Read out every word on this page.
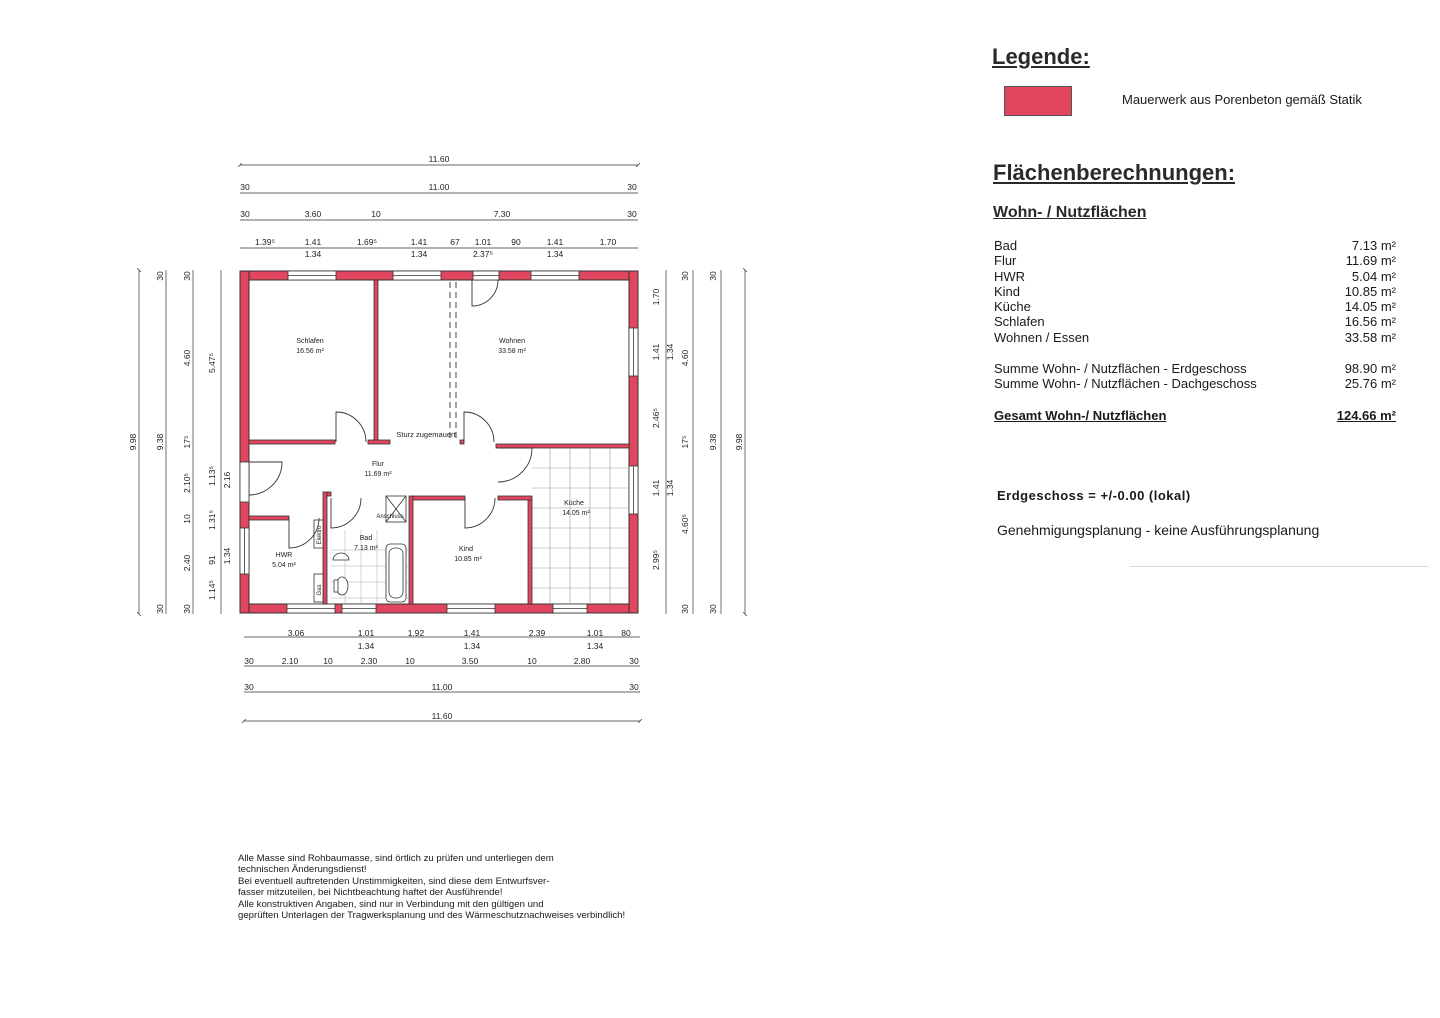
Schlafen
16.56 m²
Wohnen
33.58 m²
Flur
11.69 m²
Küche
14.05 m²
HWR
5.04 m²
Bad
7.13 m²	Kind
10.85 m²
Sturz zugemauert
Anschluss
Elektro
Gas
11.60
30	11.00	30
30	3.60	10	7.30	30
1.39⁵	1.41	1.69⁵	1.41	67 1.01 90	1.41	1.70
1.34	1.34	2.37⁵	1.34
3.06	1.01	1.92	1.41	2.39	1.01 80
1.34	1.34	1.34
30	2.10	10	2.30	10	3.50	10	2.80	30
30	11.00	30
11.60
9.98
30
9.38
30
30
4.60
17⁵
2.10⁵
10
2.40
30
5.47⁵
1.13⁵
1.31⁵
91
1.14⁵
2.16
1.34
1.70
1.41
2.46⁵
1.41
2.99⁵
1.34
1.34
30
4.60
17⁵
4.60⁵
30
30
9.38
30
9.98
Legende:
Mauerwerk aus Porenbeton gemäß Statik
Flächenberechnungen:
Wohn- / Nutzflächen
Bad	7.13 m²
Flur	11.69 m²
HWR	5.04 m²
Kind	10.85 m²
Küche	14.05 m²
Schlafen	16.56 m²
Wohnen / Essen	33.58 m²
Summe Wohn- / Nutzflächen - Erdgeschoss	98.90 m²
Summe Wohn- / Nutzflächen - Dachgeschoss	25.76 m²
Gesamt Wohn-/ Nutzflächen	124.66 m²
Erdgeschoss = +/-0.00 (lokal)
Genehmigungsplanung - keine Ausführungsplanung
Alle Masse sind Rohbaumasse, sind örtlich zu prüfen und unterliegen dem
technischen Änderungsdienst!
Bei eventuell auftretenden Unstimmigkeiten, sind diese dem Entwurfsver-
fasser mitzuteilen, bei Nichtbeachtung haftet der Ausführende!
Alle konstruktiven Angaben, sind nur in Verbindung mit den gültigen und
geprüften Unterlagen der Tragwerksplanung und des Wärmeschutznachweises verbindlich!
